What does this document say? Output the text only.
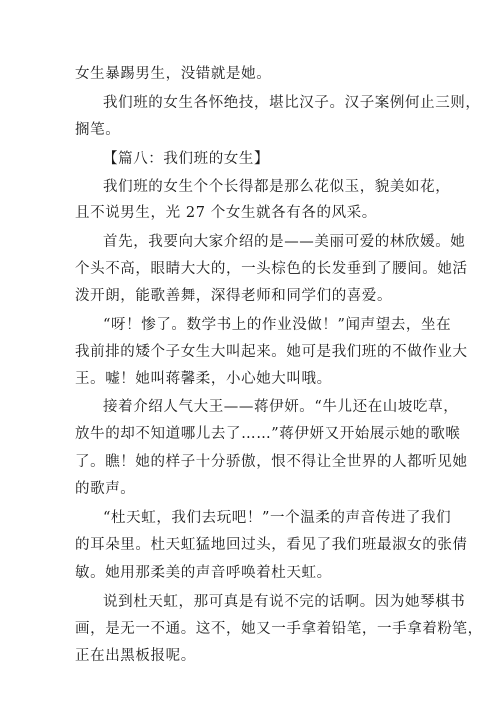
女生暴踢男生，没错就是她。
我们班的女生各怀绝技，堪比汉子。汉子案例何止三则，
搁笔。
【篇八：我们班的女生】
我们班的女生个个长得都是那么花似玉，貌美如花，
且不说男生，光 27 个女生就各有各的风采。
首先，我要向大家介绍的是——美丽可爱的林欣媛。她
个头不高，眼睛大大的，一头棕色的长发垂到了腰间。她活
泼开朗，能歌善舞，深得老师和同学们的喜爱。
“呀！惨了。数学书上的作业没做！”闻声望去，坐在
我前排的矮个子女生大叫起来。她可是我们班的不做作业大
王。嘘！她叫蒋馨柔，小心她大叫哦。
接着介绍人气大王——蒋伊妍。“牛儿还在山坡吃草，
放牛的却不知道哪儿去了……”蒋伊妍又开始展示她的歌喉
了。瞧！她的样子十分骄傲，恨不得让全世界的人都听见她
的歌声。
“杜天虹，我们去玩吧！”一个温柔的声音传进了我们
的耳朵里。杜天虹猛地回过头，看见了我们班最淑女的张倩
敏。她用那柔美的声音呼唤着杜天虹。
说到杜天虹，那可真是有说不完的话啊。因为她琴棋书
画，是无一不通。这不，她又一手拿着铅笔，一手拿着粉笔，
正在出黑板报呢。
